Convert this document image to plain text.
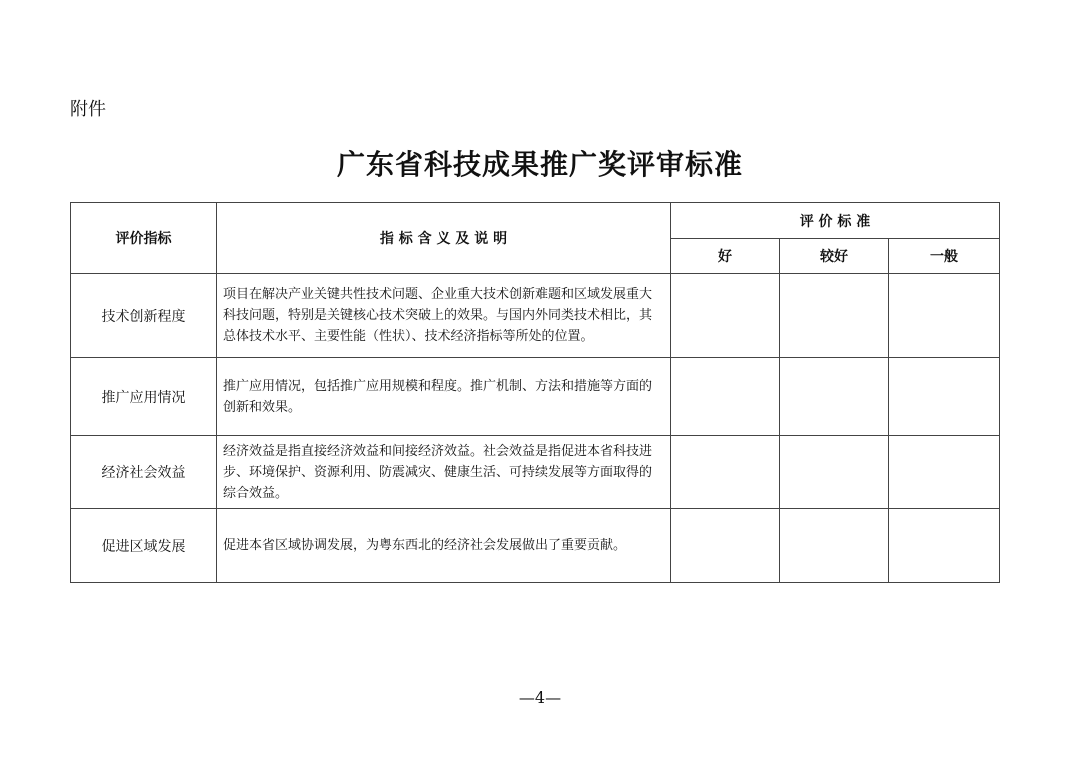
附件
广东省科技成果推广奖评审标准
评价指标	指 标 含 义 及 说 明	评 价 标 准		
		好	较好	一般
技术创新程度	项目在解决产业关键共性技术问题、企业重大技术创新难题和区域发展重大科技问题，特别是关键核心技术突破上的效果。与国内外同类技术相比，其总体技术水平、主要性能（性状）、技术经济指标等所处的位置。			
推广应用情况	推广应用情况，包括推广应用规模和程度。推广机制、方法和措施等方面的创新和效果。			
经济社会效益	经济效益是指直接经济效益和间接经济效益。社会效益是指促进本省科技进步、环境保护、资源利用、防震减灾、健康生活、可持续发展等方面取得的综合效益。			
促进区域发展	促进本省区域协调发展，为粤东西北的经济社会发展做出了重要贡献。			
—4—
